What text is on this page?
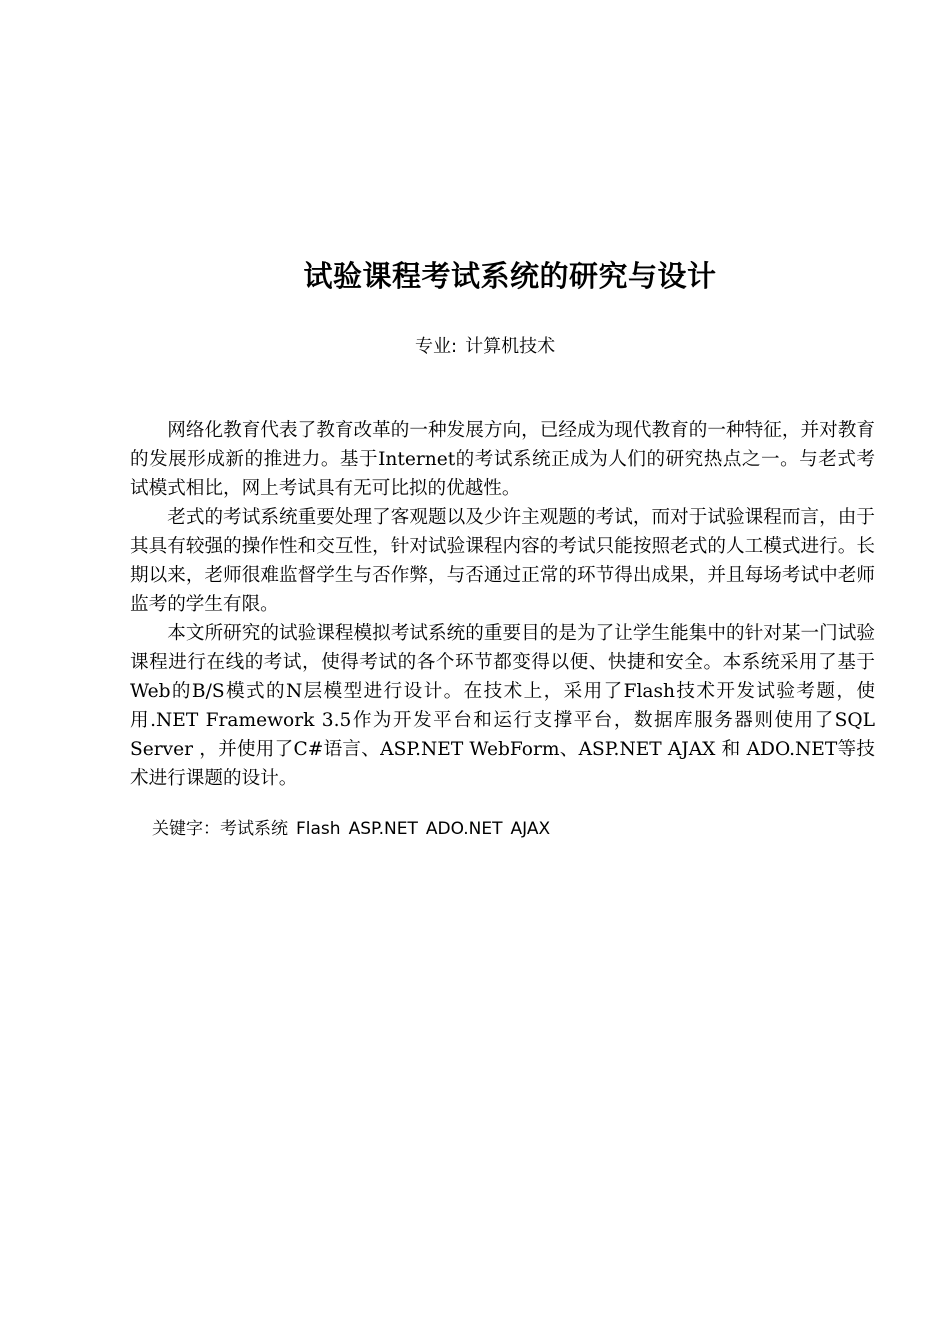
试验课程考试系统的研究与设计
专业: 计算机技术

网络化教育代表了教育改革的一种发展方向，已经成为现代教育的一种特征，并对教育的发展形成新的推进力。基于Internet的考试系统正成为人们的研究热点之一。与老式考试模式相比，网上考试具有无可比拟的优越性。

老式的考试系统重要处理了客观题以及少许主观题的考试，而对于试验课程而言，由于其具有较强的操作性和交互性，针对试验课程内容的考试只能按照老式的人工模式进行。长期以来，老师很难监督学生与否作弊，与否通过正常的环节得出成果，并且每场考试中老师监考的学生有限。

本文所研究的试验课程模拟考试系统的重要目的是为了让学生能集中的针对某一门试验课程进行在线的考试，使得考试的各个环节都变得以便、快捷和安全。本系统采用了基于Web的B/S模式的N层模型进行设计。在技术上，采用了Flash技术开发试验考题，使用.NET Framework 3.5作为开发平台和运行支撑平台，数据库服务器则使用了SQL Server ，并使用了C#语言、ASP.NET WebForm、ASP.NET AJAX 和 ADO.NET等技术进行课题的设计。

关键字：考试系统 Flash ASP.NET ADO.NET AJAX
